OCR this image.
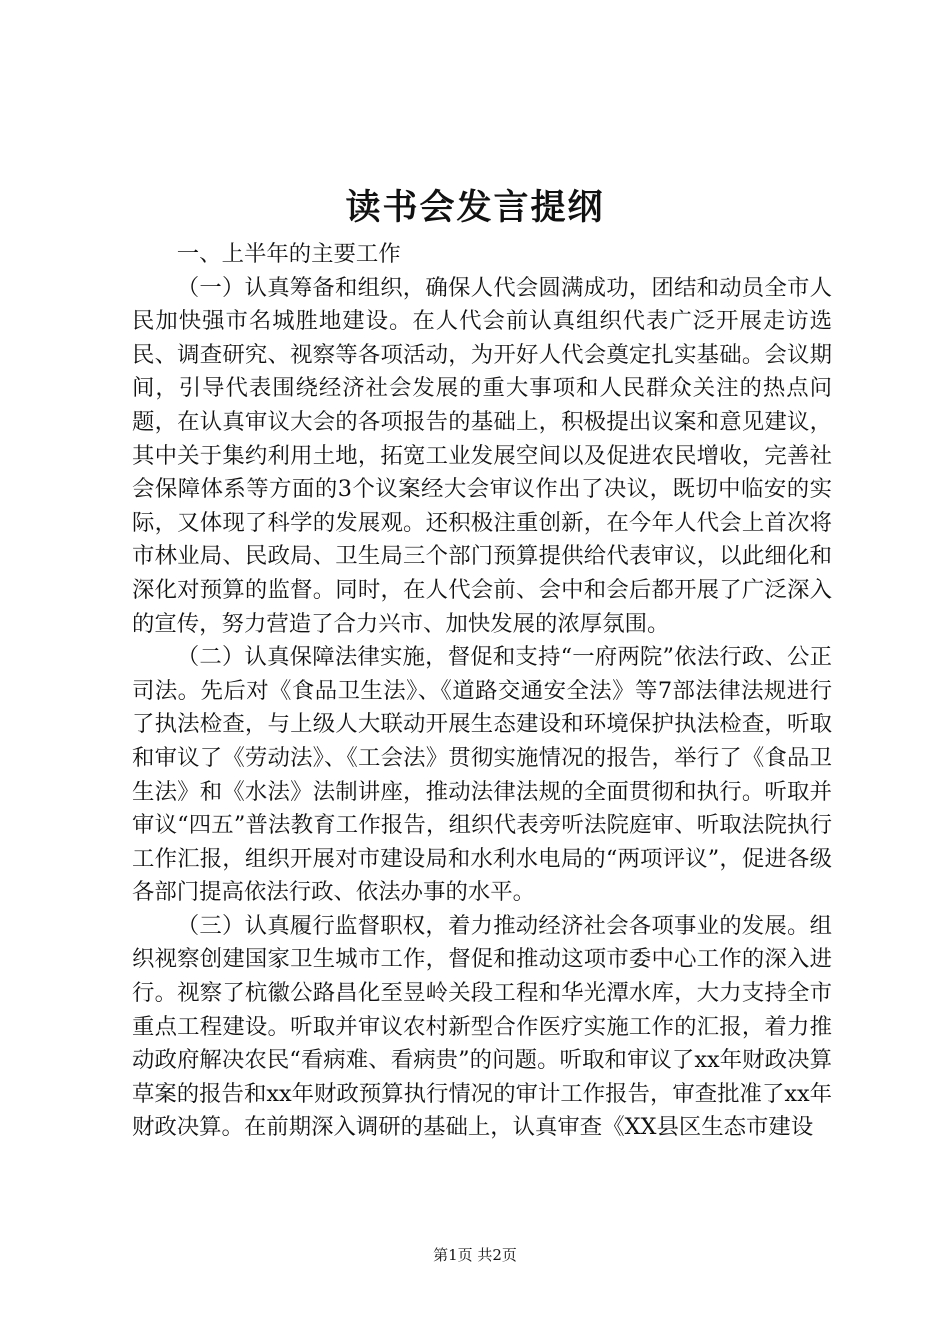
读书会发言提纲

一、上半年的主要工作

（一）认真筹备和组织，确保人代会圆满成功，团结和动员全市人民加快强市名城胜地建设。在人代会前认真组织代表广泛开展走访选民、调查研究、视察等各项活动，为开好人代会奠定扎实基础。会议期间，引导代表围绕经济社会发展的重大事项和人民群众关注的热点问题，在认真审议大会的各项报告的基础上，积极提出议案和意见建议，其中关于集约利用土地，拓宽工业发展空间以及促进农民增收，完善社会保障体系等方面的3个议案经大会审议作出了决议，既切中临安的实际，又体现了科学的发展观。还积极注重创新，在今年人代会上首次将市林业局、民政局、卫生局三个部门预算提供给代表审议，以此细化和深化对预算的监督。同时，在人代会前、会中和会后都开展了广泛深入的宣传，努力营造了合力兴市、加快发展的浓厚氛围。

（二）认真保障法律实施，督促和支持“一府两院”依法行政、公正司法。先后对《食品卫生法》、《道路交通安全法》等7部法律法规进行了执法检查，与上级人大联动开展生态建设和环境保护执法检查，听取和审议了《劳动法》、《工会法》贯彻实施情况的报告，举行了《食品卫生法》和《水法》法制讲座，推动法律法规的全面贯彻和执行。听取并审议“四五”普法教育工作报告，组织代表旁听法院庭审、听取法院执行工作汇报，组织开展对市建设局和水利水电局的“两项评议”，促进各级各部门提高依法行政、依法办事的水平。

（三）认真履行监督职权，着力推动经济社会各项事业的发展。组织视察创建国家卫生城市工作，督促和推动这项市委中心工作的深入进行。视察了杭徽公路昌化至昱岭关段工程和华光潭水库，大力支持全市重点工程建设。听取并审议农村新型合作医疗实施工作的汇报，着力推动政府解决农民“看病难、看病贵”的问题。听取和审议了xx年财政决算草案的报告和xx年财政预算执行情况的审计工作报告，审查批准了xx年财政决算。在前期深入调研的基础上，认真审查《XX县区生态市建设

第1页 共2页
